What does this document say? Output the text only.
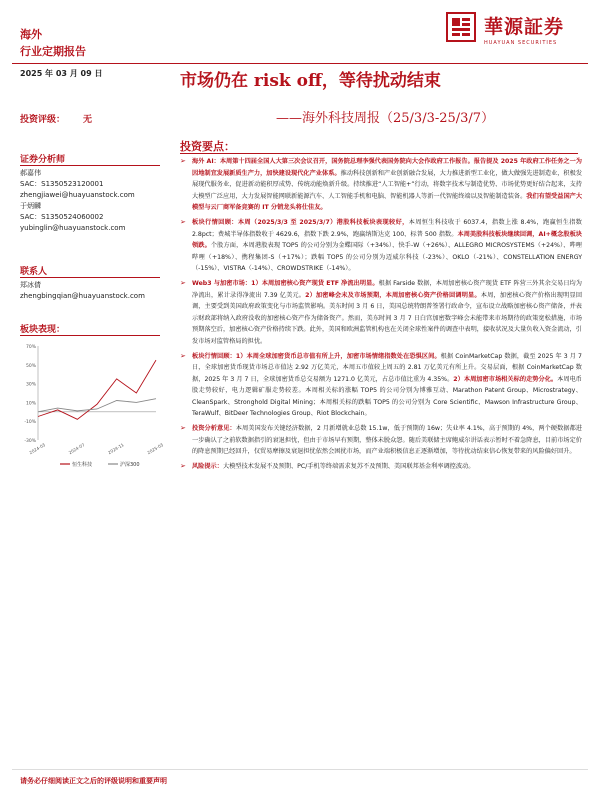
海外
行业定期报告
華源証券
HUAYUAN SECURITIES
2025 年 03 月 09 日	市场仍在 risk off，等待扰动结束
——海外科技周报（25/3/3-25/3/7）
投资评级： 无
证券分析师
郝嘉伟
SAC：S1350523120001
zhengjiawei@huayuanstock.com
于炳麟
SAC：S1350524060002
yubinglin@huayuanstock.com
联系人
郑冰倩
zhengbingqian@huayuanstock.com
板块表现：
-30%
-10%
10%
30%
50%
70%
2024-03	2024-07	2024-11	2025-03
恒生科技	沪深300
投资要点：
➢ 海外 AI：本周第十四届全国人大第三次会议召开，国务院总理李强代表国务院向大会作政府工作报告。报告提及 2025 年政府工作任务之一为因地制宜发展新质生产力，加快建设现代化产业体系。推动科技创新和产业创新融合发展，大力推进新型工业化，做大做强先进制造业，积极发展现代服务业，促进新动能积厚成势、传统动能焕新升级。持续推进“人工智能+”行动，将数字技术与制造优势、市场优势更好结合起来，支持大模型广泛应用，大力发展智能网联新能源汽车、人工智能手机和电脑、智能机器人等新一代智能终端以及智能制造装备。我们有望受益国产大模型与云厂商军备竞赛的 IT 分销龙头将仕佳友。
➢ 板块行情回顾：本周（2025/3/3 至 2025/3/7）港股科技板块表现较好，本周恒生科技收于 6037.4，指数上涨 8.4%，跑赢恒生指数 2.8pct；费城半导体指数收于 4629.6，指数下跌 2.9%，跑赢纳斯达克 100、标普 500 指数。本周美股科技板块继续回调，AI+概念股板块领跌。个股方面，本周港股表现 TOP5 的公司分别为金蝶国际（+34%）、快手-W（+26%）、ALLEGRO MICROSYSTEMS（+24%）、哔哩哔哩（+18%）、携程集团-S（+17%）；跌幅 TOP5 的公司分别为迈威尔科技（-23%）、OKLO（-21%）、CONSTELLATION ENERGY（-15%）、VISTRA（-14%）、CROWDSTRIKE（-14%）。
➢ Web3 与加密市场：1）本周加密核心资产现货 ETF 净流出明显。根据 Farside 数据，本周加密核心资产现货 ETF 阵营三外其余交易日均为净流出，累计录得净流出 7.39 亿美元。2）加密峰会未及市场预期，本周加密核心资产价格回调明显。本周，加密核心资产价格出现明显回调，主要受到美国政府政策变化与市场监管影响。美东时间 3 月 6 日，美国总统特朗普签署行政命令，宣布设立战略加密核心资产储备，并表示财政部将纳入政府没收的加密核心资产作为储备资产。然而，美东时间 3 月 7 日白宫加密数字峰会未能带来市场期待的政策宽松措施，市场预期落空后，加密核心资产价格持续下跌。此外，美国和欧洲监管机构也在关闭全球性案件的调查中表明，接收状况及大量负收入资金流动，引发市场对监管格局的担忧。
➢ 板块行情回顾：1）本周全球加密货币总市值有所上升，加密市场情绪指数处在恐惧区间。根据 CoinMarketCap 数据，截至 2025 年 3 月 7 日，全球加密货币现货市场总市值达 2.92 万亿美元，本周五市值较上周五的 2.81 万亿美元有所上升。交易层面，根据 CoinMarketCap 数据，2025 年 3 月 7 日，全球加密货币总交易额为 1271.0 亿美元，占总市值比重为 4.35%。2）本周加密市场相关标的走势分化。本周电币股走势较好，电力逻辑矿服走势较差。本周相关标的涨幅 TOP5 的公司分别为博雅互动、Marathon Patent Group、Microstrategy、CleanSpark、Stronghold Digital Mining；本周相关标的跌幅 TOP5 的公司分别为 Core Scientific、Mawson Infrastructure Group、TeraWulf、BitDeer Technologies Group、Riot Blockchain。
➢ 投资分析意见：本周美国发布关键经济数据，2 月新增就业总数 15.1w，低于预期的 16w；失业率 4.1%，高于预期的 4%，两个硬数据都进一步确认了之前软数据指引的衰退担忧，但由于市场早有预期，整体未脱众怨。随后美联储主席鲍威尔讲话表示暂时不着急降息，目前市场定价的降息预期已经回升，仅贸易摩擦及衰退担忧依然会困扰市场，而产业端积极信息正逐渐增加，等待扰动结束信心恢复带来的风险偏好回升。
➢ 风险提示：大模型技术发展不及预期、PC/手机等终端需求复苏不及预期、美国联邦基金利率调控波动。
请务必仔细阅读正文之后的评级说明和重要声明
